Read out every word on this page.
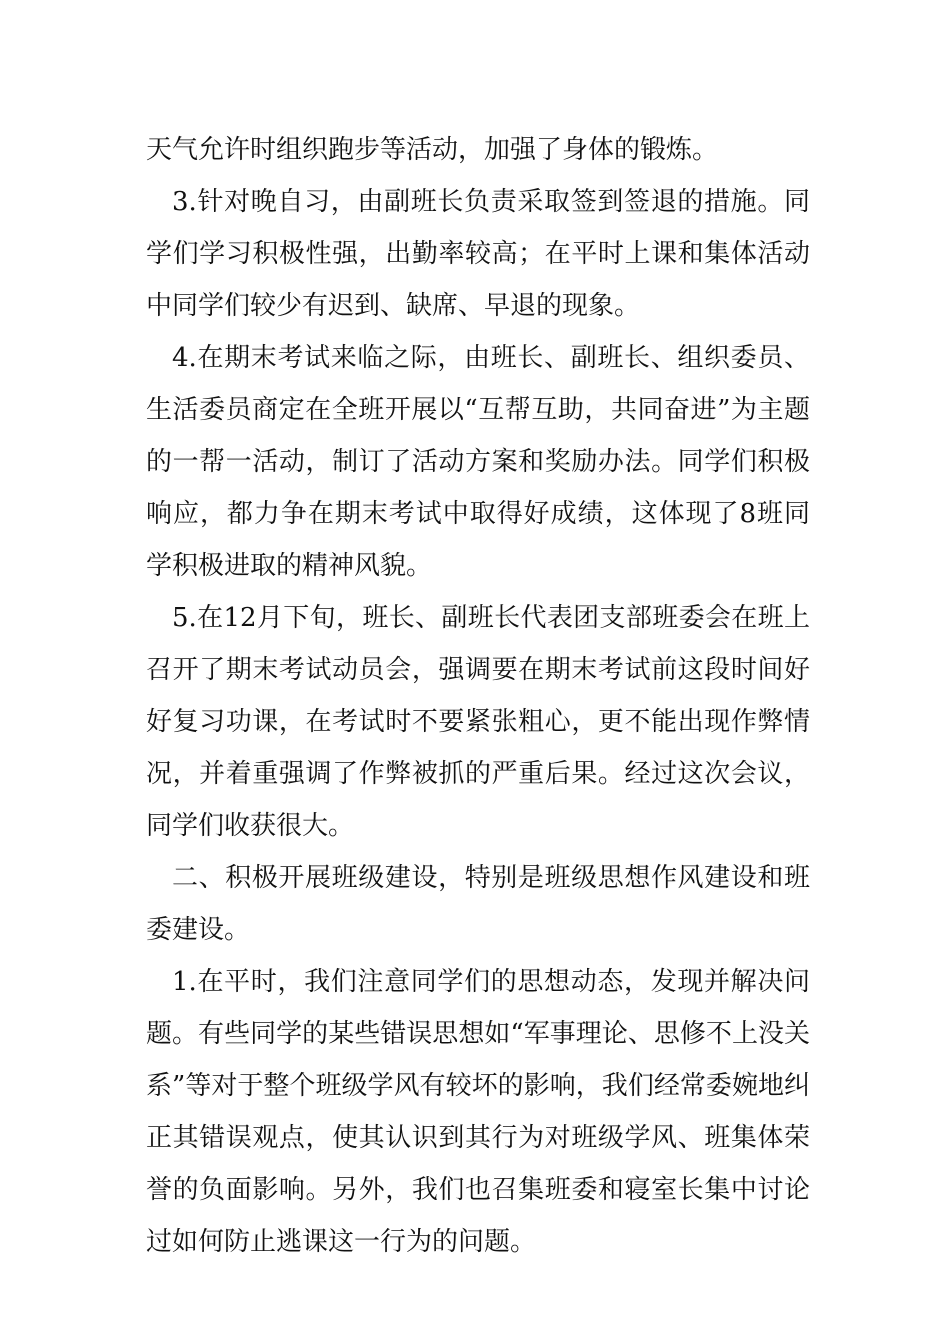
天气允许时组织跑步等活动，加强了身体的锻炼。

3.针对晚自习，由副班长负责采取签到签退的措施。同学们学习积极性强，出勤率较高；在平时上课和集体活动中同学们较少有迟到、缺席、早退的现象。

4.在期末考试来临之际，由班长、副班长、组织委员、生活委员商定在全班开展以“互帮互助，共同奋进”为主题的一帮一活动，制订了活动方案和奖励办法。同学们积极响应，都力争在期末考试中取得好成绩，这体现了8班同学积极进取的精神风貌。

5.在12月下旬，班长、副班长代表团支部班委会在班上召开了期末考试动员会，强调要在期末考试前这段时间好好复习功课，在考试时不要紧张粗心，更不能出现作弊情况，并着重强调了作弊被抓的严重后果。经过这次会议，同学们收获很大。

二、积极开展班级建设，特别是班级思想作风建设和班委建设。

1.在平时，我们注意同学们的思想动态，发现并解决问题。有些同学的某些错误思想如“军事理论、思修不上没关系”等对于整个班级学风有较坏的影响，我们经常委婉地纠正其错误观点，使其认识到其行为对班级学风、班集体荣誉的负面影响。另外，我们也召集班委和寝室长集中讨论过如何防止逃课这一行为的问题。
